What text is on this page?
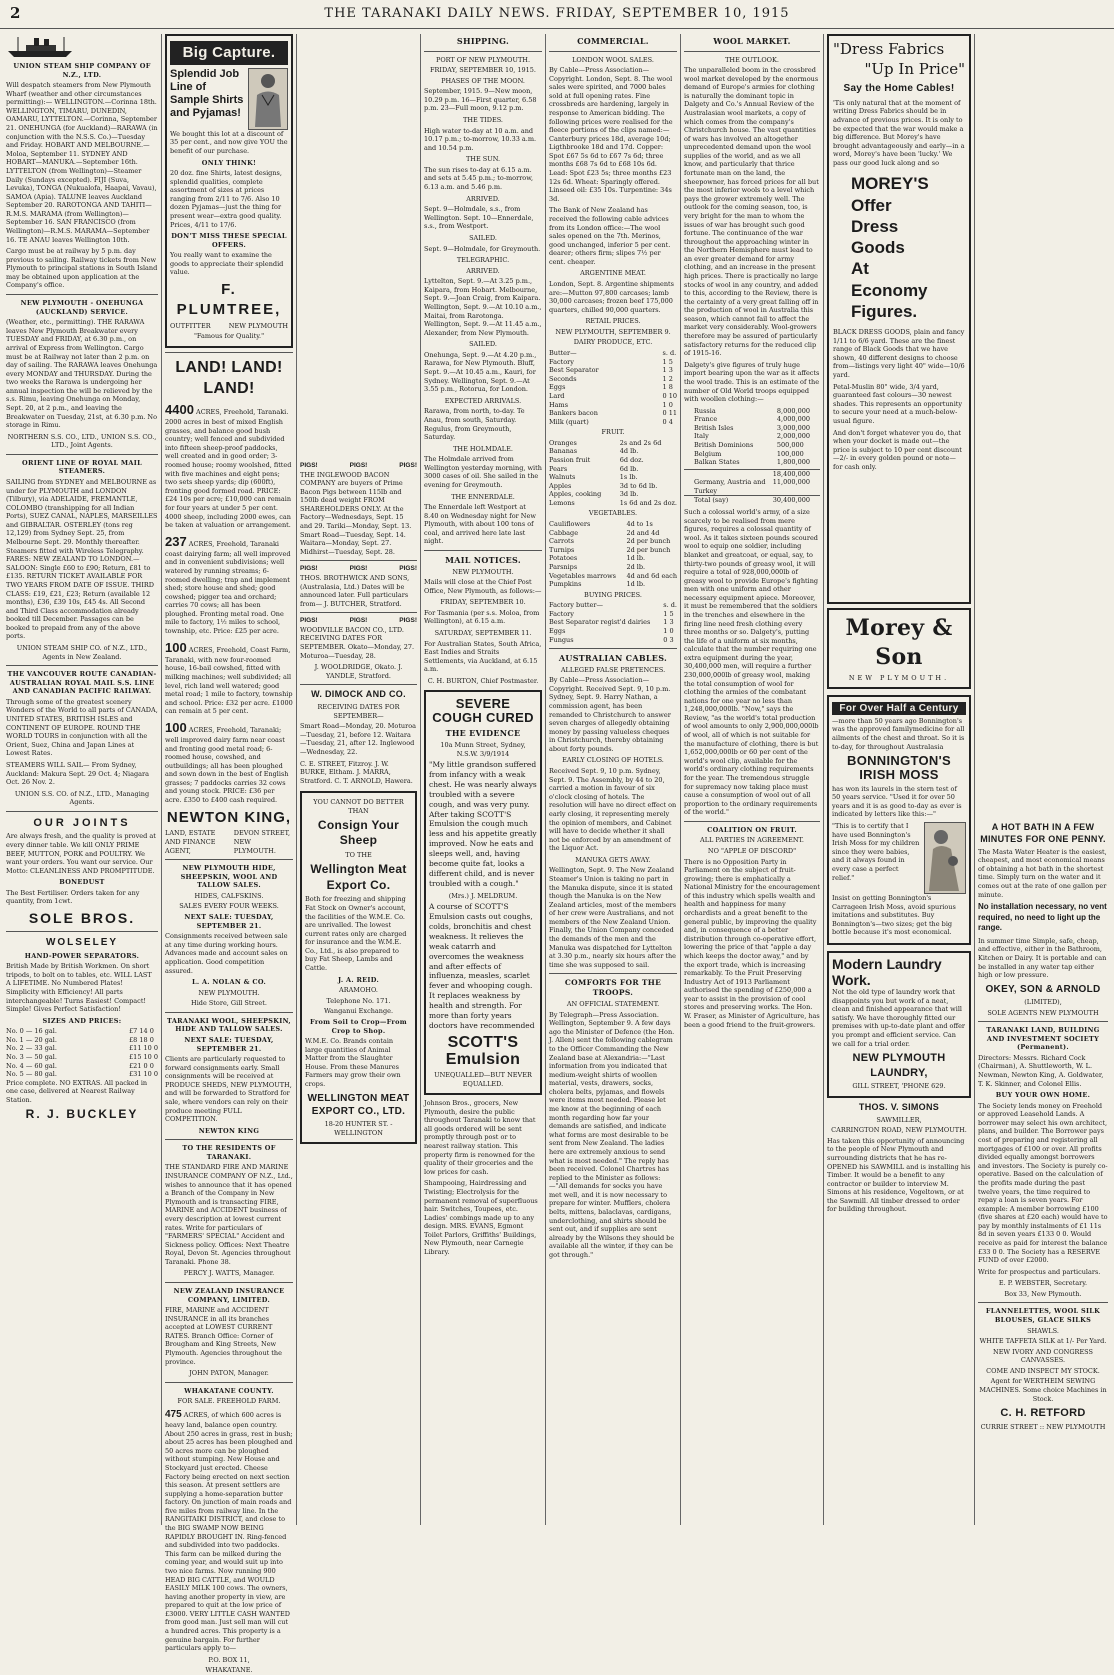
2	THE TARANAKI DAILY NEWS. FRIDAY, SEPTEMBER 10, 1915
UNION STEAM SHIP COMPANY OF N.Z., LTD.

Will despatch steamers from New Plymouth Wharf (weather and other circumstances permitting):— WELLINGTON.—Corinna 18th. WELLINGTON, TIMARU, DUNEDIN, OAMARU, LYTTELTON.—Corinna, September 21. ONEHUNGA (for Auckland)—RARAWA (in conjunction with the N.S.S. Co.)—Tuesday and Friday. HOBART AND MELBOURNE.—Moloa, September 11. SYDNEY AND HOBART—MANUKA.—September 16th. LYTTELTON (from Wellington)—Steamer Daily (Sundays excepted). FIJI (Suva, Levuka), TONGA (Nukualofa, Haapai, Vavau), SAMOA (Apia). TALUNE leaves Auckland September 20. RAROTONGA AND TAHITI—R.M.S. MARAMA (from Wellington)—September 16. SAN FRANCISCO (from Wellington)—R.M.S. MARAMA—September 16. TE ANAU leaves Wellington 10th.

Cargo must be at railway by 5 p.m. day previous to sailing. Railway tickets from New Plymouth to principal stations in South Island may be obtained upon application at the Company's office.

NEW PLYMOUTH - ONEHUNGA (AUCKLAND) SERVICE.

(Weather, etc., permitting). THE RARAWA leaves New Plymouth Breakwater every TUESDAY and FRIDAY, at 6.30 p.m., on arrival of Express from Wellington. Cargo must be at Railway not later than 2 p.m. on day of sailing. The RARAWA leaves Onehunga every MONDAY and THURSDAY. During the two weeks the Rarawa is undergoing her annual inspection the will be relieved by the s.s. Rimu, leaving Onehunga on Monday, Sept. 20, at 2 p.m., and leaving the Breakwater on Tuesday, 21st, at 6.30 p.m. No storage in Rimu.

NORTHERN S.S. CO., LTD., UNION S.S. CO., LTD., Joint Agents.

ORIENT LINE OF ROYAL MAIL STEAMERS.

SAILING from SYDNEY and MELBOURNE as under for PLYMOUTH and LONDON (Tilbury), via ADELAIDE, FREMANTLE, COLOMBO (transhipping for all Indian Ports), SUEZ CANAL, NAPLES, MARSEILLES and GIBRALTAR. OSTERLEY (tons reg 12,129) from Sydney Sept. 25, from Melbourne Sept. 29. Monthly thereafter. Steamers fitted with Wireless Telegraphy. FARES: NEW ZEALAND TO LONDON.—SALOON: Single £60 to £90; Return, £81 to £135. RETURN TICKET AVAILABLE FOR TWO YEARS FROM DATE OF ISSUE. THIRD CLASS: £19, £21, £23; Return (available 12 months), £36, £39 10s, £45 4s. All Second and Third Class accommodation already booked till December. Passages can be booked to prepaid from any of the above ports.

UNION STEAM SHIP CO. of N.Z., LTD., Agents in New Zealand.

THE VANCOUVER ROUTE CANADIAN-AUSTRALIAN ROYAL MAIL S.S. LINE AND CANADIAN PACIFIC RAILWAY.

Through some of the greatest scenery Wonders of the World to all parts of CANADA, UNITED STATES, BRITISH ISLES and CONTINENT OF EUROPE. ROUND THE WORLD TOURS in conjunction with all the Orient, Suez, China and Japan Lines at Lowest Rates.

STEAMERS WILL SAIL— From Sydney, Auckland: Makura Sept. 29 Oct. 4; Niagara Oct. 26 Nov. 2.

UNION S.S. CO. of N.Z., LTD., Managing Agents.

OUR JOINTS

Are always fresh, and the quality is proved at every dinner table. We kill ONLY PRIME BEEF, MUTTON, PORK and POULTRY. We want your orders. You want our service. Our Motto: CLEANLINESS AND PROMPTITUDE.

BONEDUST

The Best Fertiliser. Orders taken for any quantity, from 1cwt.

SOLE BROS.
WOLSELEY
HAND-POWER SEPARATORS.

British Made by British Workmen. On short tripods, to bolt on to tables, etc. WILL LAST A LIFETIME. No Numbered Plates! Simplicity with Efficiency! All parts interchangeable! Turns Easiest! Compact! Simple! Gives Perfect Satisfaction!

SIZES AND PRICES:
No. 0 — 16 gal.	£7 14 0
No. 1 — 20 gal.	£8 18 0
No. 2 — 33 gal.	£11 10 0
No. 3 — 50 gal.	£15 10 0
No. 4 — 60 gal.	£21 0 0
No. 5 — 80 gal.	£31 10 0

Price complete. NO EXTRAS. All packed in one case, delivered at Nearest Railway Station.

R. J. BUCKLEY
Big Capture.
Splendid Job Line of Sample Shirts and Pyjamas!

We bought this lot at a discount of 35 per cent., and now give YOU the benefit of our purchase.

ONLY THINK!

20 doz. fine Shirts, latest designs, splendid qualities, complete assortment of sizes at prices ranging from 2/11 to 7/6. Also 10 dozen Pyjamas—just the thing for present wear—extra good quality. Prices, 4/11 to 17/6.

DON'T MISS THESE SPECIAL OFFERS.

You really want to examine the goods to appreciate their splendid value.

F. PLUMTREE,
OUTFITTER	NEW PLYMOUTH
"Famous for Quality."
LAND! LAND! LAND!

4400 ACRES, Freehold, Taranaki. 2000 acres in best of mixed English grasses, and balance good bush country; well fenced and subdivided into fifteen sheep-proof paddocks, well created and in good order; 3-roomed house; roomy woolshed, fitted with five machines and eight pens; two sets sheep yards; dip (600ft), fronting good formed road. PRICE: £24 10s per acre; £10,000 can remain for four years at under 5 per cent. 4000 sheep, including 2000 ewes, can be taken at valuation or arrangement.

237 ACRES, Freehold, Taranaki coast dairying farm; all well improved and in convenient subdivisions; well watered by running streams; 6-roomed dwelling; trap and implement shed; store house and shed; good cowshed; pigger tea and orchard; carries 70 cows; all has been ploughed. Fronting metal road. One mile to factory, 1½ miles to school, township, etc. Price: £25 per acre.

100 ACRES, Freehold, Coast Farm, Taranaki, with new four-roomed house, 16-bail cowshed, fitted with milking machines; well subdivided; all level, rich land well watered; good metal road; 1 mile to factory, township and school. Price: £32 per acre. £1000 can remain at 5 per cent.

100 ACRES, Freehold, Taranaki; well improved dairy farm near coast and fronting good metal road; 6-roomed house, cowshed, and outbuildings; all has been ploughed and sown down in the best of English grasses; 7 paddocks carries 32 cows and young stock. PRICE: £36 per acre. £350 to £400 cash required.

NEWTON KING,
LAND, ESTATE AND FINANCE AGENT,
DEVON STREET, NEW PLYMOUTH.
NEW PLYMOUTH HIDE, SHEEPSKIN, WOOL AND TALLOW SALES.
HIDES, CALFSKINS.
SALES EVERY FOUR WEEKS.
NEXT SALE: TUESDAY, SEPTEMBER 21.

Consignments received between sale at any time during working hours. Advances made and account sales on application. Good competition assured.

L. A. NOLAN & CO.
NEW PLYMOUTH.
Hide Store, Gill Street.
TARANAKI WOOL, SHEEPSKIN, HIDE AND TALLOW SALES.
NEXT SALE: TUESDAY, SEPTEMBER 21.

Clients are particularly requested to forward consignments early. Small consignments will be received at PRODUCE SHEDS, NEW PLYMOUTH, and will be forwarded to Stratford for sale, where vendors can rely on their produce meeting FULL COMPETITION.

NEWTON KING
TO THE RESIDENTS OF TARANAKI.

THE STANDARD FIRE AND MARINE INSURANCE COMPANY OF N.Z., Ltd., wishes to announce that it has opened a Branch of the Company in New Plymouth and is transacting FIRE, MARINE and ACCIDENT business of every description at lowest current rates. Write for particulars of "FARMERS' SPECIAL" Accident and Sickness policy. Offices: Next Theatre Royal, Devon St. Agencies throughout Taranaki. Phone 38.

PERCY J. WATTS, Manager.
NEW ZEALAND INSURANCE COMPANY, LIMITED.

FIRE, MARINE and ACCIDENT INSURANCE in all its branches accepted at LOWEST CURRENT RATES. Branch Office: Corner of Brougham and King Streets, New Plymouth. Agencies throughout the province.

JOHN PATON, Manager.
WHAKATANE COUNTY.
FOR SALE. FREEHOLD FARM.

475 ACRES, of which 600 acres is heavy land, balance open country. About 250 acres in grass, rest in bush; about 25 acres has been ploughed and 50 acres more can be ploughed without stumping. New House and Stockyard just erected. Cheese Factory being erected on next section this season. At present settlers are supplying a home-separation butter factory. On junction of main roads and five miles from railway line. In the RANGITAIKI DISTRICT, and close to the BIG SWAMP NOW BEING RAPIDLY BROUGHT IN. Ring-fenced and subdivided into two paddocks. This farm can be milked during the coming year, and would suit up into two nice farms. Now running 900 HEAD BIG CATTLE, and WOULD EASILY MILK 100 cows. The owners, having another property in view, are prepared to quit at the low price of £3000. VERY LITTLE CASH WANTED from good man. Just sell man will cut a hundred acres. This property is a genuine bargain. For further particulars apply to—

P.O. BOX 11,
WHAKATANE.
PIGS!	PIGS!	PIGS!

THE INGLEWOOD BACON COMPANY are buyers of Prime Bacon Pigs between 115lb and 150lb dead weight FROM SHAREHOLDERS ONLY. At the Factory—Wednesdays, Sept. 15 and 29. Tariki—Monday, Sept. 13. Smart Road—Tuesday, Sept. 14. Waitara—Monday, Sept. 27. Midhirst—Tuesday, Sept. 28.

PIGS!	PIGS!	PIGS!

THOS. BROTHWICK AND SONS, (Australasia, Ltd.) Dates will be announced later. Full particulars from— J. BUTCHER, Stratford.

PIGS!	PIGS!	PIGS!

WOODVILLE BACON CO., LTD. RECEIVING DATES FOR SEPTEMBER. Okato—Monday, 27. Moturoa—Tuesday, 28.

J. WOOLDRIDGE, Okato. J. YANDLE, Stratford.

W. DIMOCK AND CO.
RECEIVING DATES FOR SEPTEMBER—

Smart Road—Monday, 20. Moturoa—Tuesday, 21, before 12. Waitara—Tuesday, 21, after 12. Inglewood—Wednesday, 22.

C. E. STREET, Fitzroy. J. W. BURKE, Eltham. J. MARRA, Stratford. C. T. ARNOLD, Hawera.

YOU CANNOT DO BETTER THAN
Consign Your Sheep
TO THE
Wellington Meat Export Co.

Both for freezing and shipping Fat Stock on Owner's account, the facilities of the W.M.E. Co. are unrivalled. The lowest current rates only are charged for insurance and the W.M.E. Co., Ltd., is also prepared to buy Fat Sheep, Lambs and Cattle.

J. A. REID.
ARAMOHO.
Telephone No. 171.
Wanganui Exchange.
From Soil to Crop—From Crop to Shop.

W.M.E. Co. Brands contain large quantities of Animal Matter from the Slaughter House. From these Manures Farmers may grow their own crops.

WELLINGTON MEAT EXPORT CO., LTD.
18-20 HUNTER ST. - WELLINGTON
SHIPPING.
PORT OF NEW PLYMOUTH.
FRIDAY, SEPTEMBER 10, 1915.
PHASES OF THE MOON.

September, 1915. 9—New moon, 10.29 p.m. 16—First quarter, 6.58 p.m. 23—Full moon, 9.12 p.m.

THE TIDES.

High water to-day at 10 a.m. and 10.17 p.m.; to-morrow, 10.33 a.m. and 10.54 p.m.

THE SUN.

The sun rises to-day at 6.15 a.m. and sets at 5.45 p.m.; to-morrow, 6.13 a.m. and 5.46 p.m.

ARRIVED.

Sept. 9—Holmdale, s.s., from Wellington. Sept. 10—Ennerdale, s.s., from Westport.

SAILED.

Sept. 9—Holmdale, for Greymouth.

TELEGRAPHIC.
ARRIVED.

Lyttelton, Sept. 9.—At 3.25 p.m., Kaipara, from Hobart. Melbourne, Sept. 9.—Joan Craig, from Kaipara. Wellington, Sept. 9.—At 10.10 a.m., Maitai, from Rarotonga. Wellington, Sept. 9.—At 11.45 a.m., Alexander, from New Plymouth.

SAILED.

Onehunga, Sept. 9.—At 4.20 p.m., Rarawa, for New Plymouth. Bluff, Sept. 9.—At 10.45 a.m., Kauri, for Sydney. Wellington, Sept. 9.—At 3.55 p.m., Rotorua, for London.

EXPECTED ARRIVALS.

Rarawa, from north, to-day. Te Anau, from south, Saturday. Regulus, from Greymouth, Saturday.

THE HOLMDALE.

The Holmdale arrived from Wellington yesterday morning, with 3000 cases of oil. She sailed in the evening for Greymouth.

THE ENNERDALE.

The Ennerdale left Westport at 8.40 on Wednesday night for New Plymouth, with about 100 tons of coal, and arrived here late last night.

MAIL NOTICES.
NEW PLYMOUTH.

Mails will close at the Chief Post Office, New Plymouth, as follows:—

FRIDAY, SEPTEMBER 10.

For Tasmania (per s.s. Moloa, from Wellington), at 6.15 a.m.

SATURDAY, SEPTEMBER 11.

For Australian States, South Africa, East Indies and Straits Settlements, via Auckland, at 6.15 a.m.

C. H. BURTON, Chief Postmaster.

SEVERE COUGH CURED
THE EVIDENCE
10a Munn Street, Sydney, N.S.W. 3/9/1914

"My little grandson suffered from infancy with a weak chest. He was nearly always troubled with a severe cough, and was very puny. After taking SCOTT'S Emulsion the cough much less and his appetite greatly improved. Now he eats and sleeps well, and, having become quite fat, looks a different child, and is never troubled with a cough."

(Mrs.) J. MELDRUM.

A course of SCOTT'S Emulsion casts out coughs, colds, bronchitis and chest weakness. It relieves the weak catarrh and overcomes the weakness and after effects of influenza, measles, scarlet fever and whooping cough. It replaces weakness by health and strength. For more than forty years doctors have recommended

SCOTT'S Emulsion
UNEQUALLED—BUT NEVER EQUALLED.

Johnson Bros., grocers, New Plymouth, desire the public throughout Taranaki to know that all goods ordered will be sent promptly through post or to nearest railway station. This property firm is renowned for the quality of their groceries and the low prices for cash.

Shampooing, Hairdressing and Twisting; Electrolysis for the permanent removal of superfluous hair. Switches, Toupees, etc. Ladies' combings made up to any design. MRS. EVANS, Egmont Toilet Parlors, Griffiths' Buildings, New Plymouth, near Carnegie Library.

COMMERCIAL.
LONDON WOOL SALES.

By Cable—Press Association—Copyright. London, Sept. 8. The wool sales were spirited, and 7000 bales sold at full opening rates. Fine crossbreds are hardening, largely in response to American bidding. The following prices were realised for the fleece portions of the clips named:—Canterbury prices 18d, average 10d; Ligthbrooke 18d and 17d. Copper: Spot £67 5s 6d to £67 7s 6d; three months £68 7s 6d to £68 10s 6d. Lead: Spot £23 5s; three months £23 12s 6d. Wheat: Sparingly offered. Linseed oil: £35 10s. Turpentine: 34s 3d.

The Bank of New Zealand has received the following cable advices from its London office:—The wool sales opened on the 7th. Merinos, good unchanged, inferior 5 per cent. dearer; others firm; slipes 7½ per cent. cheaper.

ARGENTINE MEAT.

London, Sept. 8. Argentine shipments are:—Mutton 97,800 carcases; lamb 30,000 carcases; frozen beef 175,000 quarters, chilled 90,000 quarters.

RETAIL PRICES.
NEW PLYMOUTH, SEPTEMBER 9.
DAIRY PRODUCE, ETC.
Butter—	s. d.
Factory	1 5
Best Separator	1 3
Seconds	1 2
Eggs	1 8
Lard	0 10
Hams	1 0
Bankers bacon	0 11
Milk (quart)	0 4
FRUIT.
Oranges	2s and 2s 6d
Bananas	4d lb.
Passion fruit	6d doz.
Pears	6d lb.
Walnuts	1s lb.
Apples	3d to 6d lb.
Apples, cooking	3d lb.
Lemons	1s 6d and 2s doz.
VEGETABLES.
Cauliflowers	4d to 1s
Cabbage	2d and 4d
Carrots	2d per bunch
Turnips	2d per bunch
Potatoes	1d lb.
Parsnips	2d lb.
Vegetables marrows	4d and 6d each
Pumpkins	1d lb.
BUYING PRICES.
Factory butter—	s. d.
Factory	1 5
Best Separator regist'd dairies	1 3
Eggs	1 0
Fungus	0 3
AUSTRALIAN CABLES.
ALLEGED FALSE PRETENCES.

By Cable—Press Association—Copyright. Received Sept. 9, 10 p.m. Sydney, Sept. 9. Harry Nathan, a commission agent, has been remanded to Christchurch to answer seven charges of allegedly obtaining money by passing valueless cheques in Christchurch, thereby obtaining about forty pounds.

EARLY CLOSING OF HOTELS.

Received Sept. 9, 10 p.m. Sydney, Sept. 9. The Assembly, by 44 to 20, carried a motion in favour of six o'clock closing of hotels. The resolution will have no direct effect on early closing, it representing merely the opinion of members, and Cabinet will have to decide whether it shall not be enforced by an amendment of the Liquor Act.

MANUKA GETS AWAY.

Wellington, Sept. 9. The New Zealand Steamer's Union is taking no part in the Manuka dispute, since it is stated though the Manuka is on the New Zealand articles, most of the members of her crew were Australians, and not members of the New Zealand Union. Finally, the Union Company conceded the demands of the men and the Manuka was dispatched for Lyttelton at 3.30 p.m., nearly six hours after the time she was supposed to sail.

COMFORTS FOR THE TROOPS.
AN OFFICIAL STATEMENT.

By Telegraph—Press Association. Wellington, September 9. A few days ago the Minister of Defence (the Hon. J. Allen) sent the following cablegram to the Officer Commanding the New Zealand base at Alexandria:—"Last information from you indicated that medium-weight shirts of woollen material, vests, drawers, socks, cholera belts, pyjamas, and flowels were items most needed. Please let me know at the beginning of each month regarding how far your demands are satisfied, and indicate what forms are most desirable to be sent from New Zealand. The ladies here are extremely anxious to send what is most needed." The reply has been received. Colonel Chartres has replied to the Minister as follows:—"All demands for socks you have met well, and it is now necessary to prepare for winter. Mufflers, cholera belts, mittens, balaclavas, cardigans, underclothing, and shirts should be sent out, and if supplies are sent already by the Wilsons they should be available all the winter, if they can be got through."

WOOL MARKET.
THE OUTLOOK.

The unparalleled boom in the crossbred wool market developed by the enormous demand of Europe's armies for clothing is naturally the dominant topic in Dalgety and Co.'s Annual Review of the Australasian wool markets, a copy of which comes from the company's Christchurch house. The vast quantities of wars has involved an altogether unprecedented demand upon the wool supplies of the world, and as we all know, and particularly that thrice fortunate man on the land, the sheepowner, has forced prices for all but the most inferior wools to a level which pays the grower extremely well. The outlook for the coming season, too, is very bright for the man to whom the issues of war has brought such good fortune. The continuance of the war throughout the approaching winter in the Northern Hemisphere must lead to an ever greater demand for army clothing, and an increase in the present high prices. There is practically no large stocks of wool in any country, and added to this, according to the Review, there is the certainty of a very great falling off in the production of wool in Australia this season, which cannot fail to affect the market very considerably. Wool-growers therefore may be assured of particularly satisfactory returns for the reduced clip of 1915-16.

Dalgety's give figures of truly huge import bearing upon the war as it affects the wool trade. This is an estimate of the number of Old World troops equipped with woollen clothing:—

Russia	8,000,000
France	4,000,000
British Isles	3,000,000
Italy	2,000,000
British Dominions	500,000
Belgium	100,000
Balkan States	1,800,000
18,400,000
Germany, Austria and Turkey
11,000,000
Total (say)	30,400,000

Such a colossal world's army, of a size scarcely to be realised from mere figures, requires a colossal quantity of wool. As it takes sixteen pounds scoured wool to equip one soldier, including blanket and greatcoat, or equal, say, to thirty-two pounds of greasy wool, it will require a total of 928,000,000lb of greasy wool to provide Europe's fighting men with one uniform and other necessary equipment apiece. Moreover, it must be remembered that the soldiers in the trenches and elsewhere in the firing line need fresh clothing every three months or so. Dalgety's, putting the life of a uniform at six months, calculate that the number requiring one extra equipment during the year, 30,400,000 men, will require a further 230,000,000lb of greasy wool, making the total consumption of wool for clothing the armies of the combatant nations for one year no less than 1,248,000,000lb. "Now," says the Review, "as the world's total production of wool amounts to only 2,900,000,000lb of wool, all of which is not suitable for the manufacture of clothing, there is but 1,652,000,000lb or 60 per cent of the world's wool clip, available for the world's ordinary clothing requirements for the year. The tremendous struggle for supremacy now taking place must cause a consumption of wool out of all proportion to the ordinary requirements of the world."

COALITION ON FRUIT.
ALL PARTIES IN AGREEMENT.
NO "APPLE OF DISCORD"

There is no Opposition Party in Parliament on the subject of fruit-growing; there is emphatically a National Ministry for the encouragement of this industry which spells wealth and health and happiness for many orchardists and a great benefit to the general public, by improving the quality and, in consequence of a better distribution through co-operative effort, lowering the price of that "apple a day which keeps the doctor away," and by the export trade, which is increasing remarkably. To the Fruit Preserving Industry Act of 1913 Parliament authorised the spending of £250,000 a year to assist in the provision of cool stores and preserving works. The Hon. W. Fraser, as Minister of Agriculture, has been a good friend to the fruit-growers.

"Dress Fabrics
"Up In Price"
Say the Home Cables!

'Tis only natural that at the moment of writing Dress Fabrics should be in advance of previous prices. It is only to be expected that the war would make a big difference. But Morey's have brought advantageously and early—in a word, Morey's have been 'lucky.' We pass our good luck along and so

MOREY'S
Offer
Dress
Goods
At
Economy
Figures.

BLACK DRESS GOODS, plain and fancy 1/11 to 6/6 yard. These are the finest range of Black Goods that we have shown, 40 different designs to choose from—listings very light 40" wide—10/6 yard.

Petal-Muslin 80" wide, 3/4 yard, guaranteed fast colours—30 newest shades. This represents an opportunity to secure your need at a much-below-usual figure.

And don't forget whatever you do, that when your docket is made out—the price is subject to 10 per cent discount—2/- in every golden pound or note—for cash only.

Morey & Son
NEW PLYMOUTH.
For Over Half a Century

—more than 50 years ago Bonnington's was the approved familymedicine for all ailments of the chest and throat. So it is to-day, for throughout Australasia

BONNINGTON'S IRISH MOSS

has won its laurels in the stern test of 50 years service. "Used it for over 50 years and it is as good to-day as ever is indicated by letters like this:—"

"This is to certify that I have used Bonnington's Irish Moss for my children since they were babies, and it always found in every case a perfect relief."

Insist on getting Bonnington's Carrageen Irish Moss, avoid spurious imitations and substitutes. Buy Bonnington's—two sizes; get the big bottle because it's most economical.

Modern Laundry Work.

Not the old type of laundry work that disappoints you but work of a neat, clean and finished appearance that will satisfy. We have thoroughly fitted our premises with up-to-date plant and offer you prompt and efficient service. Can we call for a trial order.

NEW PLYMOUTH LAUNDRY,
GILL STREET, 'PHONE 629.
THOS. V. SIMONS
SAWMILLER,
CARRINGTON ROAD, NEW PLYMOUTH.

Has taken this opportunity of announcing to the people of New Plymouth and surrounding districts that he has re-OPENED his SAWMILL and is installing his Timber. It would be a benefit to any contractor or builder to interview M. Simons at his residence, Vogeltown, or at the Sawmill. All timber dressed to order for building throughout.

A HOT BATH IN A FEW MINUTES FOR ONE PENNY.

The Masta Water Heater is the easiest, cheapest, and most economical means of obtaining a hot bath in the shortest time. Simply turn on the water and it comes out at the rate of one gallon per minute.

No installation necessary, no vent required, no need to light up the range.

In summer time Simple, safe, cheap, and effective, either in the Bathroom, Kitchen or Dairy. It is portable and can be installed in any water tap either high or low pressure.

OKEY, SON & ARNOLD
(LIMITED),
SOLE AGENTS NEW PLYMOUTH
TARANAKI LAND, BUILDING AND INVESTMENT SOCIETY (Permanent).

Directors: Messrs. Richard Cock (Chairman), A. Shuttleworth, W. L. Newman, Newton King, A. Goldwater, T. K. Skinner, and Colonel Ellis.

BUY YOUR OWN HOME.

The Society lends money on Freehold or approved Leasehold Lands. A borrower may select his own architect, plans, and builder. The Borrower pays cost of preparing and registering all mortgages of £100 or over. All profits divided equally amongst borrowers and investors. The Society is purely co-operative. Based on the calculation of the profits made during the past twelve years, the time required to repay a loan is seven years. For example: A member borrowing £100 (five shares at £20 each) would have to pay by monthly instalments of £1 11s 8d in seven years £133 0 0. Would receive as paid for interest the balance £33 0 0. The Society has a RESERVE FUND of over £2000.

Write for prospectus and particulars.

E. P. WEBSTER, Secretary.
Box 33, New Plymouth.
FLANNELETTES, WOOL SILK BLOUSES, GLACE SILKS
SHAWLS.
WHITE TAFFETA SILK at 1/- Per Yard.
NEW IVORY AND CONGRESS CANVASSES.
COME AND INSPECT MY STOCK.

Agent for WERTHEIM SEWING MACHINES. Some choice Machines in Stock.

C. H. RETFORD
CURRIE STREET :: NEW PLYMOUTH
